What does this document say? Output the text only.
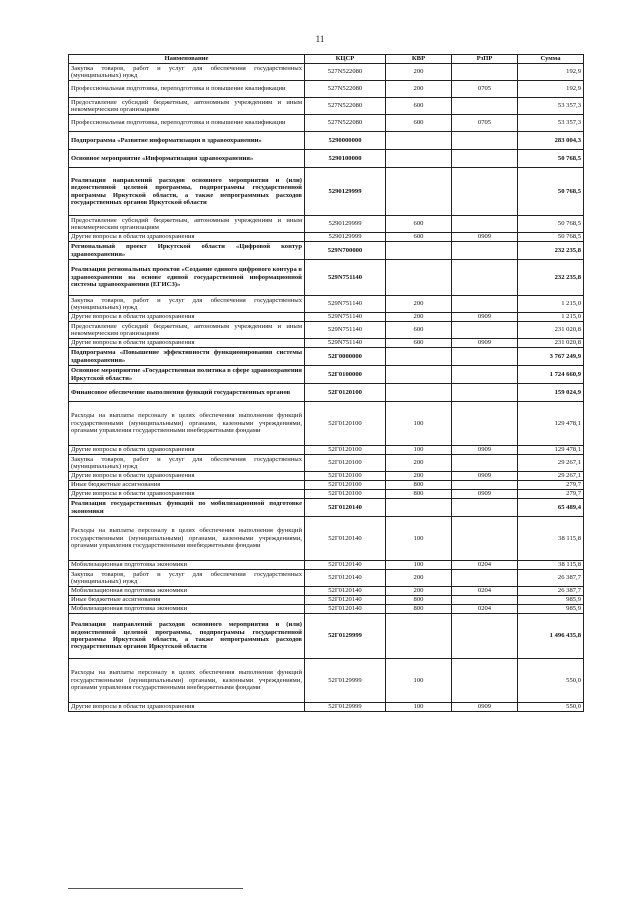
11
Наименование	КЦСР	КВР	РзПР	Сумма
Закупка товаров, работ и услуг для обеспечения государственных (муниципальных) нужд	527N522080	200		192,9
Профессиональная подготовка, переподготовка и повышение квалификации	527N522080	200	0705	192,9
Предоставление субсидий бюджетным, автономным учреждениям и иным некоммерческим организациям	527N522080	600		53 357,3
Профессиональная подготовка, переподготовка и повышение квалификации	527N522080	600	0705	53 357,3
Подпрограмма «Развитие информатизации в здравоохранении»	5290000000			283 004,3
Основное мероприятие «Информатизация здравоохранения»	5290100000			50 768,5
Реализация направлений расходов основного мероприятия и (или) ведомственной целевой программы, подпрограммы государственной программы Иркутской области, а также непрограммных расходов государственных органов Иркутской области	5290129999			50 768,5
Предоставление субсидий бюджетным, автономным учреждениям и иным некоммерческим организациям	5290129999	600		50 768,5
Другие вопросы в области здравоохранения	5290129999	600	0909	50 768,5
Региональный проект Иркутской области «Цифровой контур здравоохранения»	529N700000			232 235,8
Реализация региональных проектов «Создание единого цифрового контура в здравоохранении на основе единой государственной информационной системы здравоохранения (ЕГИСЗ)»	529N751140			232 235,8
Закупка товаров, работ и услуг для обеспечения государственных (муниципальных) нужд	529N751140	200		1 215,0
Другие вопросы в области здравоохранения	529N751140	200	0909	1 215,0
Предоставление субсидий бюджетным, автономным учреждениям и иным некоммерческим организациям	529N751140	600		231 020,8
Другие вопросы в области здравоохранения	529N751140	600	0909	231 020,8
Подпрограмма «Повышение эффективности функционирования системы здравоохранения»	52Г0000000			3 767 249,9
Основное мероприятие «Государственная политика в сфере здравоохранения Иркутской области»	52Г0100000			1 724 660,9
Финансовое обеспечение выполнения функций государственных органов	52Г0120100			159 024,9
Расходы на выплаты персоналу в целях обеспечения выполнения функций государственными (муниципальными) органами, казенными учреждениями, органами управления государственными внебюджетными фондами	52Г0120100	100		129 478,1
Другие вопросы в области здравоохранения	52Г0120100	100	0909	129 478,1
Закупка товаров, работ и услуг для обеспечения государственных (муниципальных) нужд	52Г0120100	200		29 267,1
Другие вопросы в области здравоохранения	52Г0120100	200	0909	29 267,1
Иные бюджетные ассигнования	52Г0120100	800		279,7
Другие вопросы в области здравоохранения	52Г0120100	800	0909	279,7
Реализация государственных функций по мобилизационной подготовке экономики	52Г0120140			65 489,4
Расходы на выплаты персоналу в целях обеспечения выполнения функций государственными (муниципальными) органами, казенными учреждениями, органами управления государственными внебюджетными фондами	52Г0120140	100		38 115,8
Мобилизационная подготовка экономики	52Г0120140	100	0204	38 115,8
Закупка товаров, работ и услуг для обеспечения государственных (муниципальных) нужд	52Г0120140	200		26 387,7
Мобилизационная подготовка экономики	52Г0120140	200	0204	26 387,7
Иные бюджетные ассигнования	52Г0120140	800		985,9
Мобилизационная подготовка экономики	52Г0120140	800	0204	985,9
Реализация направлений расходов основного мероприятия и (или) ведомственной целевой программы, подпрограммы государственной программы Иркутской области, а также непрограммных расходов государственных органов Иркутской области	52Г0129999			1 496 435,8
Расходы на выплаты персоналу в целях обеспечения выполнения функций государственными (муниципальными) органами, казенными учреждениями, органами управления государственными внебюджетными фондами	52Г0129999	100		550,0
Другие вопросы в области здравоохранения	52Г0129999	100	0909	550,0
